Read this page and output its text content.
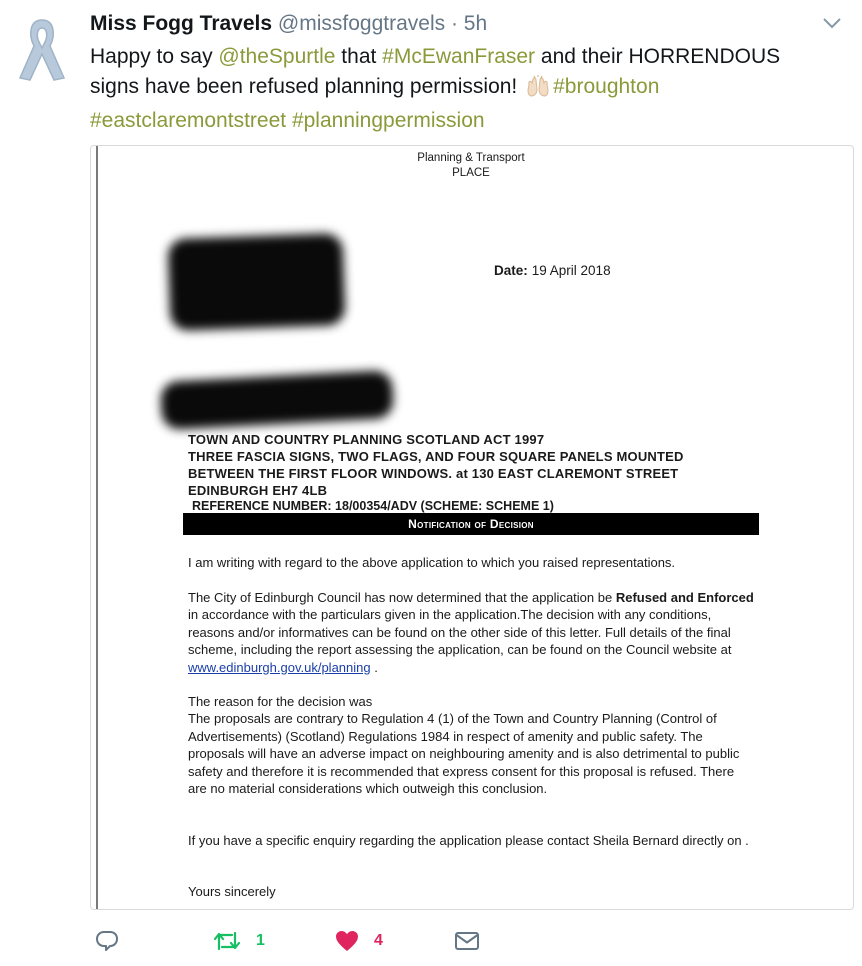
Miss Fogg Travels @missfoggtravels · 5h
Happy to say @theSpurtle that #McEwanFraser and their HORRENDOUS signs have been refused planning permission! #broughton #eastclaremontstreet #planningpermission
Planning & Transport
PLACE
Date: 19 April 2018
TOWN AND COUNTRY PLANNING SCOTLAND ACT 1997
THREE FASCIA SIGNS, TWO FLAGS, AND FOUR SQUARE PANELS MOUNTED
BETWEEN THE FIRST FLOOR WINDOWS. at 130 EAST CLAREMONT STREET
EDINBURGH EH7 4LB
REFERENCE NUMBER: 18/00354/ADV (SCHEME: SCHEME 1)
Notification of Decision
I am writing with regard to the above application to which you raised representations.
The City of Edinburgh Council has now determined that the application be Refused and Enforced in accordance with the particulars given in the application.The decision with any conditions, reasons and/or informatives can be found on the other side of this letter. Full details of the final scheme, including the report assessing the application, can be found on the Council website at www.edinburgh.gov.uk/planning .
The reason for the decision was
The proposals are contrary to Regulation 4 (1) of the Town and Country Planning (Control of Advertisements) (Scotland) Regulations 1984 in respect of amenity and public safety. The proposals will have an adverse impact on neighbouring amenity and is also detrimental to public safety and therefore it is recommended that express consent for this proposal is refused. There are no material considerations which outweigh this conclusion.
If you have a specific enquiry regarding the application please contact Sheila Bernard directly on .
Yours sincerely
1	4
